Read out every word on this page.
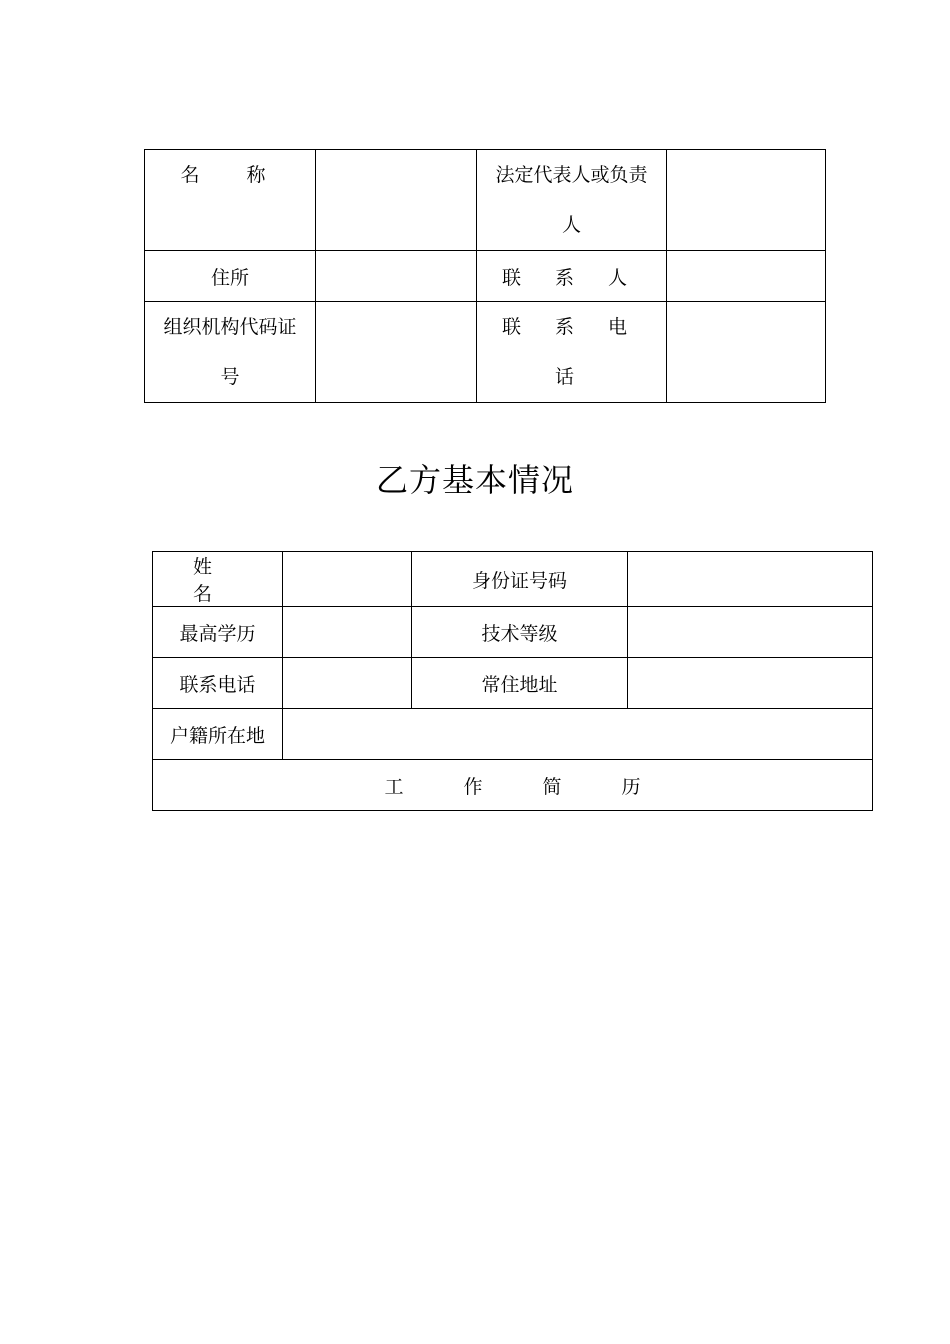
名　称		法定代表人或负责
人	

住所		联 系 人	

组织机构代码证
号		联 系 电 话	
乙方基本情况
姓　名		身份证号码	
最高学历		技术等级	
联系电话		常住地址	
户籍所在地			
工作简历			
